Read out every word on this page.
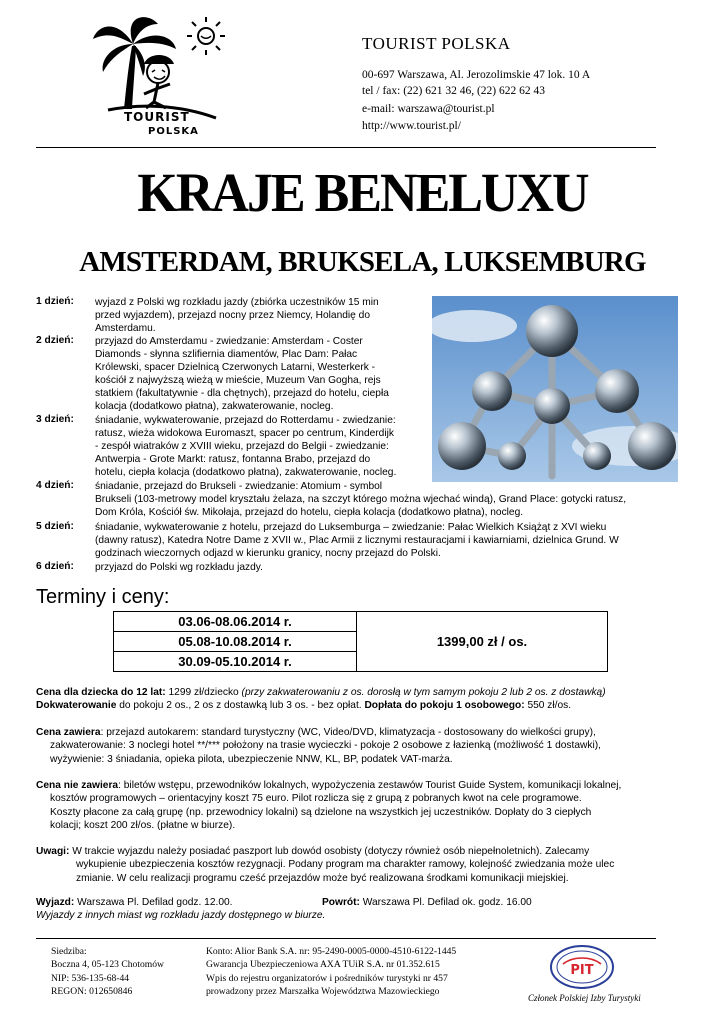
TOURIST
POLSKA
TOURIST POLSKA
00-697 Warszawa, Al. Jerozolimskie 47 lok. 10 A
tel / fax: (22) 621 32 46, (22) 622 62 43
e-mail: warszawa@tourist.pl
http://www.tourist.pl/
KRAJE BENELUXU
AMSTERDAM, BRUKSELA, LUKSEMBURG
1 dzień: wyjazd z Polski wg rozkładu jazdy (zbiórka uczestników 15 min
przed wyjazdem), przejazd nocny przez Niemcy, Holandię do
Amsterdamu.
2 dzień: przyjazd do Amsterdamu - zwiedzanie: Amsterdam - Coster
Diamonds - słynna szlifiernia diamentów, Plac Dam: Pałac
Królewski, spacer Dzielnicą Czerwonych Latarni, Westerkerk -
kościół z najwyższą wieżą w mieście, Muzeum Van Gogha, rejs
statkiem (fakultatywnie - dla chętnych), przejazd do hotelu, ciepła
kolacja (dodatkowo płatna), zakwaterowanie, nocleg.
3 dzień: śniadanie, wykwaterowanie, przejazd do Rotterdamu - zwiedzanie:
ratusz, wieża widokowa Euromaszt, spacer po centrum, Kinderdijk
- zespół wiatraków z XVIII wieku, przejazd do Belgii - zwiedzanie:
Antwerpia - Grote Markt: ratusz, fontanna Brabo, przejazd do
hotelu, ciepła kolacja (dodatkowo płatna), zakwaterowanie, nocleg.
4 dzień: śniadanie, przejazd do Brukseli - zwiedzanie: Atomium - symbol
Brukseli (103-metrowy model kryształu żelaza, na szczyt którego można wjechać windą), Grand Place: gotycki ratusz,
Dom Króla, Kościół św. Mikołaja, przejazd do hotelu, ciepła kolacja (dodatkowo płatna), nocleg.
5 dzień: śniadanie, wykwaterowanie z hotelu, przejazd do Luksemburga – zwiedzanie: Pałac Wielkich Książąt z XVI wieku
(dawny ratusz), Katedra Notre Dame z XVII w., Plac Armii z licznymi restauracjami i kawiarniami, dzielnica Grund. W
godzinach wieczornych odjazd w kierunku granicy, nocny przejazd do Polski.
6 dzień: przyjazd do Polski wg rozkładu jazdy.
Terminy i ceny:
03.06-08.06.2014 r.	1399,00 zł / os.
05.08-10.08.2014 r.
30.09-05.10.2014 r.

Cena dla dziecka do 12 lat: 1299 zł/dziecko (przy zakwaterowaniu z os. dorosłą w tym samym pokoju 2 lub 2 os. z dostawką)

Dokwaterowanie do pokoju 2 os., 2 os z dostawką lub 3 os. - bez opłat. Dopłata do pokoju 1 osobowego: 550 zł/os.

Cena zawiera: przejazd autokarem: standard turystyczny (WC, Video/DVD, klimatyzacja - dostosowany do wielkości grupy),

zakwaterowanie: 3 noclegi hotel **/*** położony na trasie wycieczki - pokoje 2 osobowe z łazienką (możliwość 1 dostawki),

wyżywienie: 3 śniadania, opieka pilota, ubezpieczenie NNW, KL, BP, podatek VAT-marża.

Cena nie zawiera: biletów wstępu, przewodników lokalnych, wypożyczenia zestawów Tourist Guide System, komunikacji lokalnej,

kosztów programowych – orientacyjny koszt 75 euro. Pilot rozlicza się z grupą z pobranych kwot na cele programowe.

Koszty płacone za całą grupę (np. przewodnicy lokalni) są dzielone na wszystkich jej uczestników. Dopłaty do 3 ciepłych

kolacji; koszt 200 zł/os. (płatne w biurze).

Uwagi: W trakcie wyjazdu należy posiadać paszport lub dowód osobisty (dotyczy również osób niepełnoletnich). Zalecamy

wykupienie ubezpieczenia kosztów rezygnacji. Podany program ma charakter ramowy, kolejność zwiedzania może ulec

zmianie. W celu realizacji programu cześć przejazdów może być realizowana środkami komunikacji miejskiej.

Wyjazd: Warszawa Pl. Defilad godz. 12.00.

Wyjazdy z innych miast wg rozkładu jazdy dostępnego w biurze.

Powrót: Warszawa Pl. Defilad ok. godz. 16.00

Siedziba:
Boczna 4, 05-123 Chotomów
NIP: 536-135-68-44
REGON: 012650846
Konto: Alior Bank S.A. nr: 95-2490-0005-0000-4510-6122-1445
Gwarancja Ubezpieczeniowa AXA TUiR S.A. nr 01.352.615
Wpis do rejestru organizatorów i pośredników turystyki nr 457
prowadzony przez Marszałka Województwa Mazowieckiego
PIT
Członek Polskiej Izby Turystyki
